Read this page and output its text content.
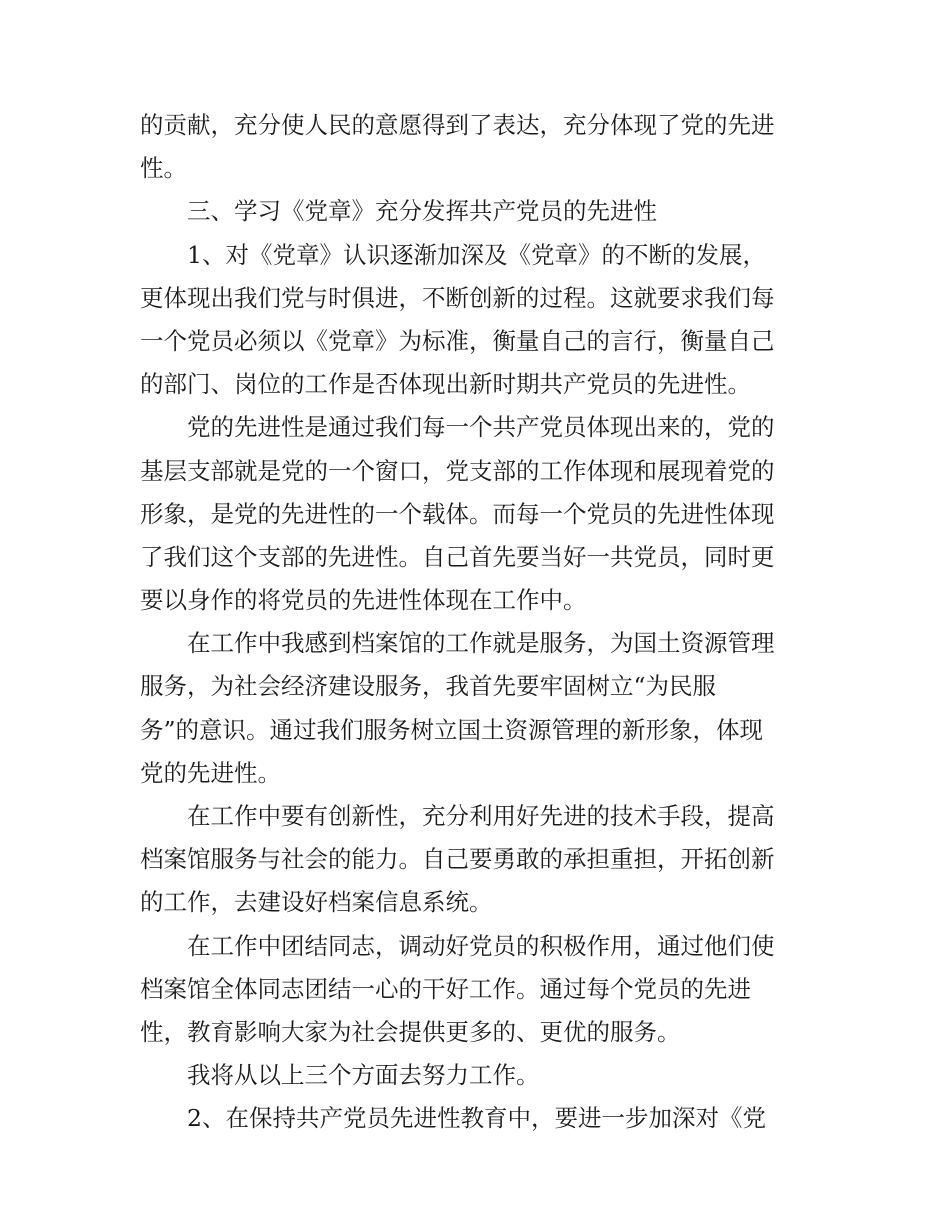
的贡献，充分使人民的意愿得到了表达，充分体现了党的先进
性。
三、学习《党章》充分发挥共产党员的先进性
1、对《党章》认识逐渐加深及《党章》的不断的发展，
更体现出我们党与时俱进，不断创新的过程。这就要求我们每
一个党员必须以《党章》为标准，衡量自己的言行，衡量自己
的部门、岗位的工作是否体现出新时期共产党员的先进性。
党的先进性是通过我们每一个共产党员体现出来的，党的
基层支部就是党的一个窗口，党支部的工作体现和展现着党的
形象，是党的先进性的一个载体。而每一个党员的先进性体现
了我们这个支部的先进性。自己首先要当好一共党员，同时更
要以身作的将党员的先进性体现在工作中。
在工作中我感到档案馆的工作就是服务，为国土资源管理
服务，为社会经济建设服务，我首先要牢固树立“为民服
务”的意识。通过我们服务树立国土资源管理的新形象，体现
党的先进性。
在工作中要有创新性，充分利用好先进的技术手段，提高
档案馆服务与社会的能力。自己要勇敢的承担重担，开拓创新
的工作，去建设好档案信息系统。
在工作中团结同志，调动好党员的积极作用，通过他们使
档案馆全体同志团结一心的干好工作。通过每个党员的先进
性，教育影响大家为社会提供更多的、更优的服务。
我将从以上三个方面去努力工作。
2、在保持共产党员先进性教育中，要进一步加深对《党
